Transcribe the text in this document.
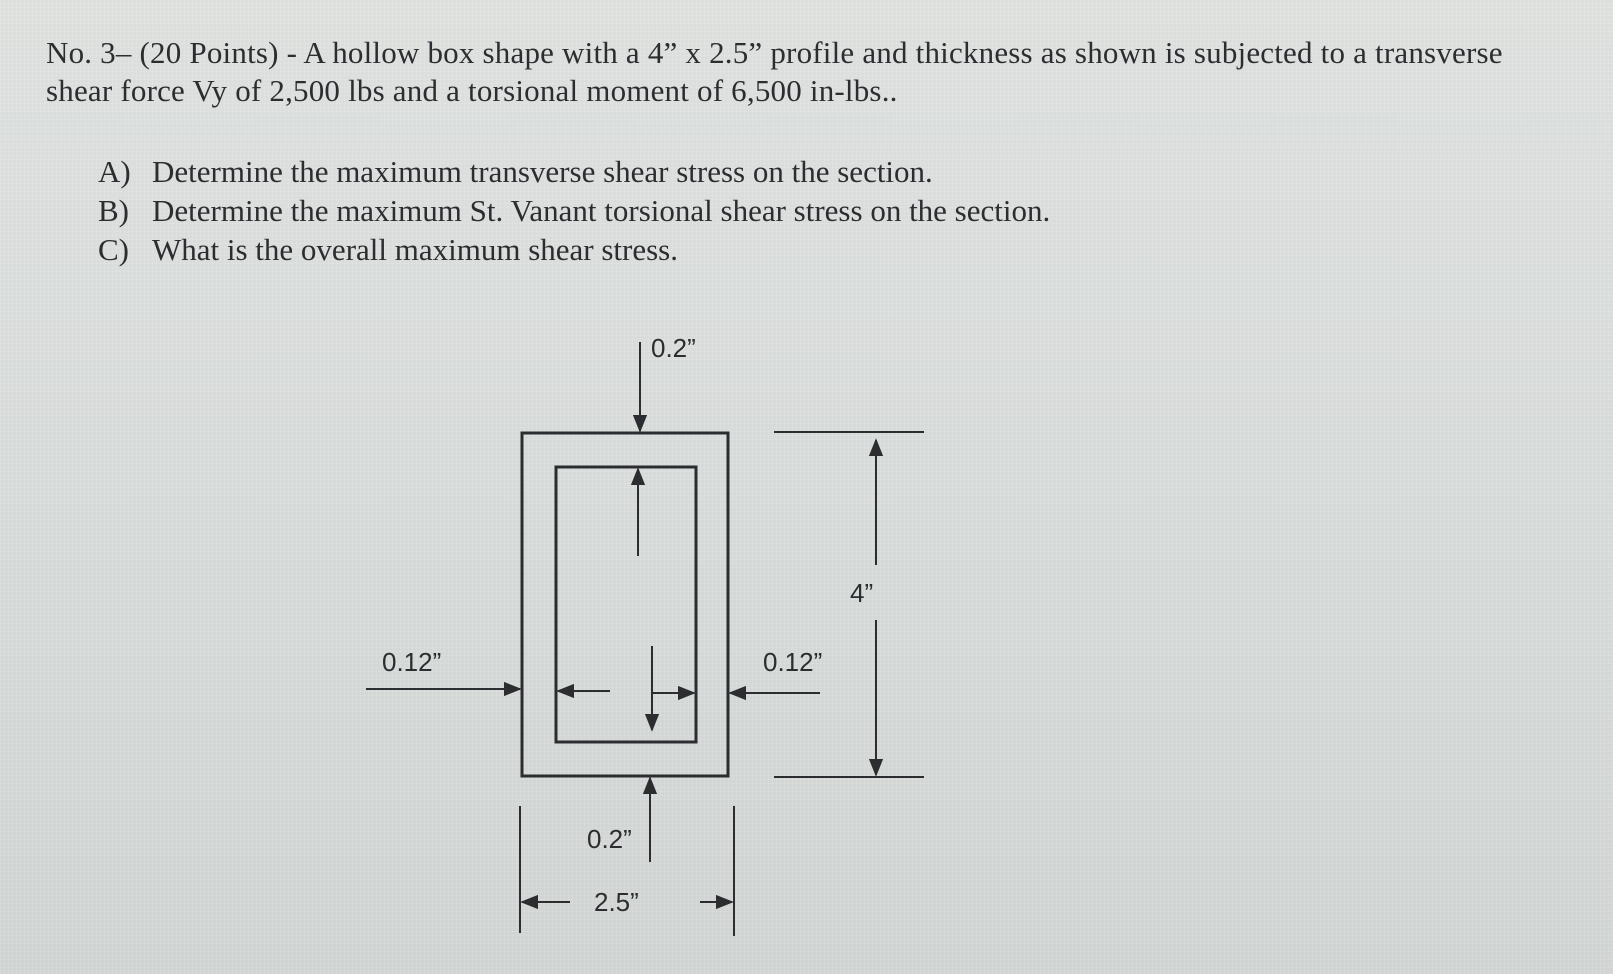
No. 3– (20 Points) - A hollow box shape with a 4” x 2.5” profile and thickness as shown is subjected to a transverse shear force Vy of 2,500 lbs and a torsional moment of 6,500 in-lbs..

A) Determine the maximum transverse shear stress on the section.
B) Determine the maximum St. Vanant torsional shear stress on the section.
C) What is the overall maximum shear stress.
0.2”
0.12”	0.12”
4”
0.2”
2.5”
